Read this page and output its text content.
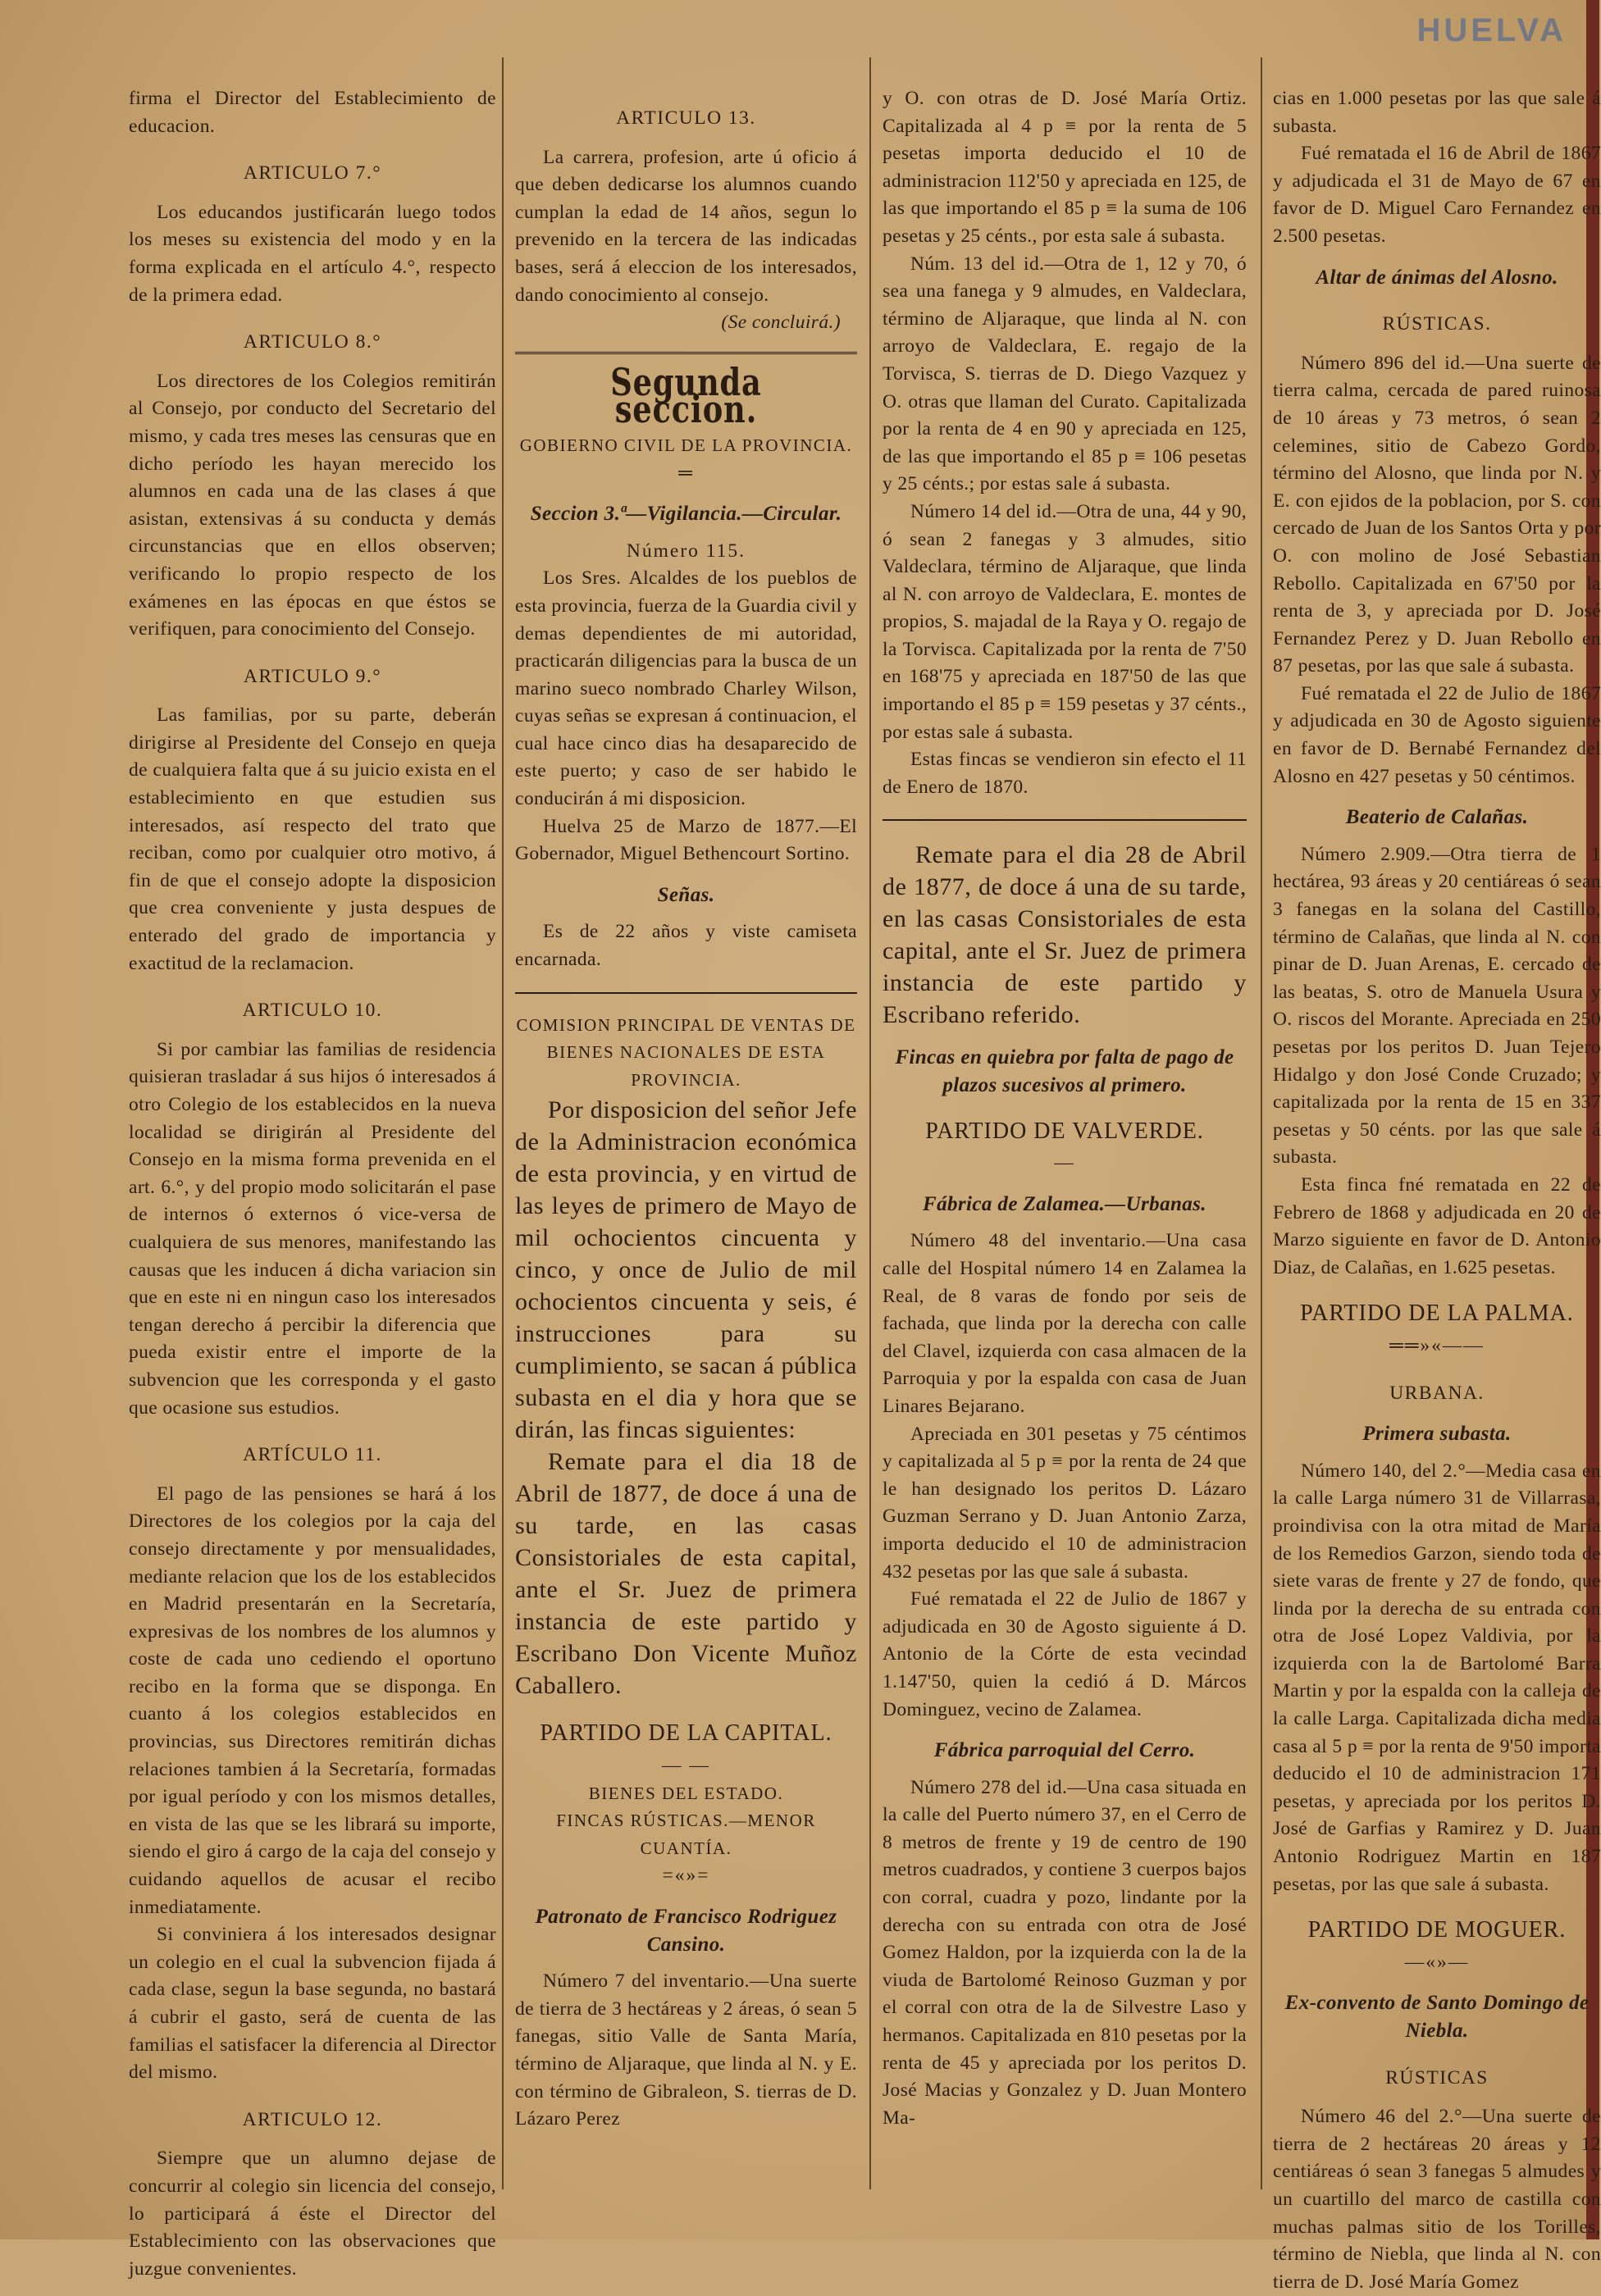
firma el Director del Establecimiento de educacion.

ARTICULO 7.°

Los educandos justificarán luego todos los meses su existencia del modo y en la forma explicada en el artículo 4.°, respecto de la primera edad.

ARTICULO 8.°

Los directores de los Colegios remitirán al Consejo, por conducto del Secretario del mismo, y cada tres meses las censuras que en dicho período les hayan merecido los alumnos en cada una de las clases á que asistan, extensivas á su conducta y demás circunstancias que en ellos observen; verificando lo propio respecto de los exámenes en las épocas en que éstos se verifiquen, para conocimiento del Consejo.

ARTICULO 9.°

Las familias, por su parte, deberán dirigirse al Presidente del Consejo en queja de cualquiera falta que á su juicio exista en el establecimiento en que estudien sus interesados, así respecto del trato que reciban, como por cualquier otro motivo, á fin de que el consejo adopte la disposicion que crea conveniente y justa despues de enterado del grado de importancia y exactitud de la reclamacion.

ARTICULO 10.

Si por cambiar las familias de residencia quisieran trasladar á sus hijos ó interesados á otro Colegio de los establecidos en la nueva localidad se dirigirán al Presidente del Consejo en la misma forma prevenida en el art. 6.°, y del propio modo solicitarán el pase de internos ó externos ó vice-versa de cualquiera de sus menores, manifestando las causas que les inducen á dicha variacion sin que en este ni en ningun caso los interesados tengan derecho á percibir la diferencia que pueda existir entre el importe de la subvencion que les corresponda y el gasto que ocasione sus estudios.

ARTÍCULO 11.

El pago de las pensiones se hará á los Directores de los colegios por la caja del consejo directamente y por mensualidades, mediante relacion que los de los establecidos en Madrid presentarán en la Secretaría, expresivas de los nombres de los alumnos y coste de cada uno cediendo el oportuno recibo en la forma que se disponga. En cuanto á los colegios establecidos en provincias, sus Directores remitirán dichas relaciones tambien á la Secretaría, formadas por igual período y con los mismos detalles, en vista de las que se les librará su importe, siendo el giro á cargo de la caja del consejo y cuidando aquellos de acusar el recibo inmediatamente.

Si conviniera á los interesados designar un colegio en el cual la subvencion fijada á cada clase, segun la base segunda, no bastará á cubrir el gasto, será de cuenta de las familias el satisfacer la diferencia al Director del mismo.

ARTICULO 12.

Siempre que un alumno dejase de concurrir al colegio sin licencia del consejo, lo participará á éste el Director del Establecimiento con las observaciones que juzgue convenientes.

ARTICULO 13.

La carrera, profesion, arte ú oficio á que deben dedicarse los alumnos cuando cumplan la edad de 14 años, segun lo prevenido en la tercera de las indicadas bases, será á eleccion de los interesados, dando conocimiento al consejo.

(Se concluirá.)

Segunda seccion.

GOBIERNO CIVIL DE LA PROVINCIA.

═

Seccion 3.ª—Vigilancia.—Circular.

Número 115.

Los Sres. Alcaldes de los pueblos de esta provincia, fuerza de la Guardia civil y demas dependientes de mi autoridad, practicarán diligencias para la busca de un marino sueco nombrado Charley Wilson, cuyas señas se expresan á continuacion, el cual hace cinco dias ha desaparecido de este puerto; y caso de ser habido le conducirán á mi disposicion.

Huelva 25 de Marzo de 1877.—El Gobernador, Miguel Bethencourt Sortino.

Señas.

Es de 22 años y viste camiseta encarnada.

COMISION PRINCIPAL DE VENTAS DE BIENES NACIONALES DE ESTA PROVINCIA.

Por disposicion del señor Jefe de la Administracion económica de esta provincia, y en virtud de las leyes de primero de Mayo de mil ochocientos cincuenta y cinco, y once de Julio de mil ochocientos cincuenta y seis, é instrucciones para su cumplimiento, se sacan á pública subasta en el dia y hora que se dirán, las fincas siguientes:

Remate para el dia 18 de Abril de 1877, de doce á una de su tarde, en las casas Consistoriales de esta capital, ante el Sr. Juez de primera instancia de este partido y Escribano Don Vicente Muñoz Caballero.

PARTIDO DE LA CAPITAL.

— —

BIENES DEL ESTADO.

FINCAS RÚSTICAS.—MENOR CUANTÍA.

=«»=

Patronato de Francisco Rodriguez Cansino.

Número 7 del inventario.—Una suerte de tierra de 3 hectáreas y 2 áreas, ó sean 5 fanegas, sitio Valle de Santa María, término de Aljaraque, que linda al N. y E. con término de Gibraleon, S. tierras de D. Lázaro Perez

y O. con otras de D. José María Ortiz. Capitalizada al 4 p ≡ por la renta de 5 pesetas importa deducido el 10 de administracion 112'50 y apreciada en 125, de las que importando el 85 p ≡ la suma de 106 pesetas y 25 cénts., por esta sale á subasta.

Núm. 13 del id.—Otra de 1, 12 y 70, ó sea una fanega y 9 almudes, en Valdeclara, término de Aljaraque, que linda al N. con arroyo de Valdeclara, E. regajo de la Torvisca, S. tierras de D. Diego Vazquez y O. otras que llaman del Curato. Capitalizada por la renta de 4 en 90 y apreciada en 125, de las que importando el 85 p ≡ 106 pesetas y 25 cénts.; por estas sale á subasta.

Número 14 del id.—Otra de una, 44 y 90, ó sean 2 fanegas y 3 almudes, sitio Valdeclara, término de Aljaraque, que linda al N. con arroyo de Valdeclara, E. montes de propios, S. majadal de la Raya y O. regajo de la Torvisca. Capitalizada por la renta de 7'50 en 168'75 y apreciada en 187'50 de las que importando el 85 p ≡ 159 pesetas y 37 cénts., por estas sale á subasta.

Estas fincas se vendieron sin efecto el 11 de Enero de 1870.

Remate para el dia 28 de Abril de 1877, de doce á una de su tarde, en las casas Consistoriales de esta capital, ante el Sr. Juez de primera instancia de este partido y Escribano referido.

Fincas en quiebra por falta de pago de plazos sucesivos al primero.

PARTIDO DE VALVERDE.

—

Fábrica de Zalamea.—Urbanas.

Número 48 del inventario.—Una casa calle del Hospital número 14 en Zalamea la Real, de 8 varas de fondo por seis de fachada, que linda por la derecha con calle del Clavel, izquierda con casa almacen de la Parroquia y por la espalda con casa de Juan Linares Bejarano.

Apreciada en 301 pesetas y 75 céntimos y capitalizada al 5 p ≡ por la renta de 24 que le han designado los peritos D. Lázaro Guzman Serrano y D. Juan Antonio Zarza, importa deducido el 10 de administracion 432 pesetas por las que sale á subasta.

Fué rematada el 22 de Julio de 1867 y adjudicada en 30 de Agosto siguiente á D. Antonio de la Córte de esta vecindad 1.147'50, quien la cedió á D. Márcos Dominguez, vecino de Zalamea.

Fábrica parroquial del Cerro.

Número 278 del id.—Una casa situada en la calle del Puerto número 37, en el Cerro de 8 metros de frente y 19 de centro de 190 metros cuadrados, y contiene 3 cuerpos bajos con corral, cuadra y pozo, lindante por la derecha con su entrada con otra de José Gomez Haldon, por la izquierda con la de la viuda de Bartolomé Reinoso Guzman y por el corral con otra de la de Silvestre Laso y hermanos. Capitalizada en 810 pesetas por la renta de 45 y apreciada por los peritos D. José Macias y Gonzalez y D. Juan Montero Ma-

cias en 1.000 pesetas por las que sale á subasta.

Fué rematada el 16 de Abril de 1867 y adjudicada el 31 de Mayo de 67 en favor de D. Miguel Caro Fernandez en 2.500 pesetas.

Altar de ánimas del Alosno.

RÚSTICAS.

Número 896 del id.—Una suerte de tierra calma, cercada de pared ruinosa de 10 áreas y 73 metros, ó sean 2 celemines, sitio de Cabezo Gordo, término del Alosno, que linda por N. y E. con ejidos de la poblacion, por S. con cercado de Juan de los Santos Orta y por O. con molino de José Sebastian Rebollo. Capitalizada en 67'50 por la renta de 3, y apreciada por D. José Fernandez Perez y D. Juan Rebollo en 87 pesetas, por las que sale á subasta.

Fué rematada el 22 de Julio de 1867 y adjudicada en 30 de Agosto siguiente en favor de D. Bernabé Fernandez del Alosno en 427 pesetas y 50 céntimos.

Beaterio de Calañas.

Número 2.909.—Otra tierra de 1 hectárea, 93 áreas y 20 centiáreas ó sean 3 fanegas en la solana del Castillo, término de Calañas, que linda al N. con pinar de D. Juan Arenas, E. cercado de las beatas, S. otro de Manuela Usura y O. riscos del Morante. Apreciada en 250 pesetas por los peritos D. Juan Tejero Hidalgo y don José Conde Cruzado; y capitalizada por la renta de 15 en 337 pesetas y 50 cénts. por las que sale á subasta.

Esta finca fné rematada en 22 de Febrero de 1868 y adjudicada en 20 de Marzo siguiente en favor de D. Antonio Diaz, de Calañas, en 1.625 pesetas.

PARTIDO DE LA PALMA.

══»«——

URBANA.

Primera subasta.

Número 140, del 2.°—Media casa en la calle Larga número 31 de Villarrasa, proindivisa con la otra mitad de María de los Remedios Garzon, siendo toda de siete varas de frente y 27 de fondo, que linda por la derecha de su entrada con otra de José Lopez Valdivia, por la izquierda con la de Bartolomé Barra Martin y por la espalda con la calleja de la calle Larga. Capitalizada dicha media casa al 5 p ≡ por la renta de 9'50 importa deducido el 10 de administracion 171 pesetas, y apreciada por los peritos D. José de Garfias y Ramirez y D. Juan Antonio Rodriguez Martin en 187 pesetas, por las que sale á subasta.

PARTIDO DE MOGUER.

—«»—

Ex-convento de Santo Domingo de Niebla.

RÚSTICAS

Número 46 del 2.°—Una suerte de tierra de 2 hectáreas 20 áreas y 12 centiáreas ó sean 3 fanegas 5 almudes y un cuartillo del marco de castilla con muchas palmas sitio de los Torilles, término de Niebla, que linda al N. con tierra de D. José María Gomez

HUELVA
